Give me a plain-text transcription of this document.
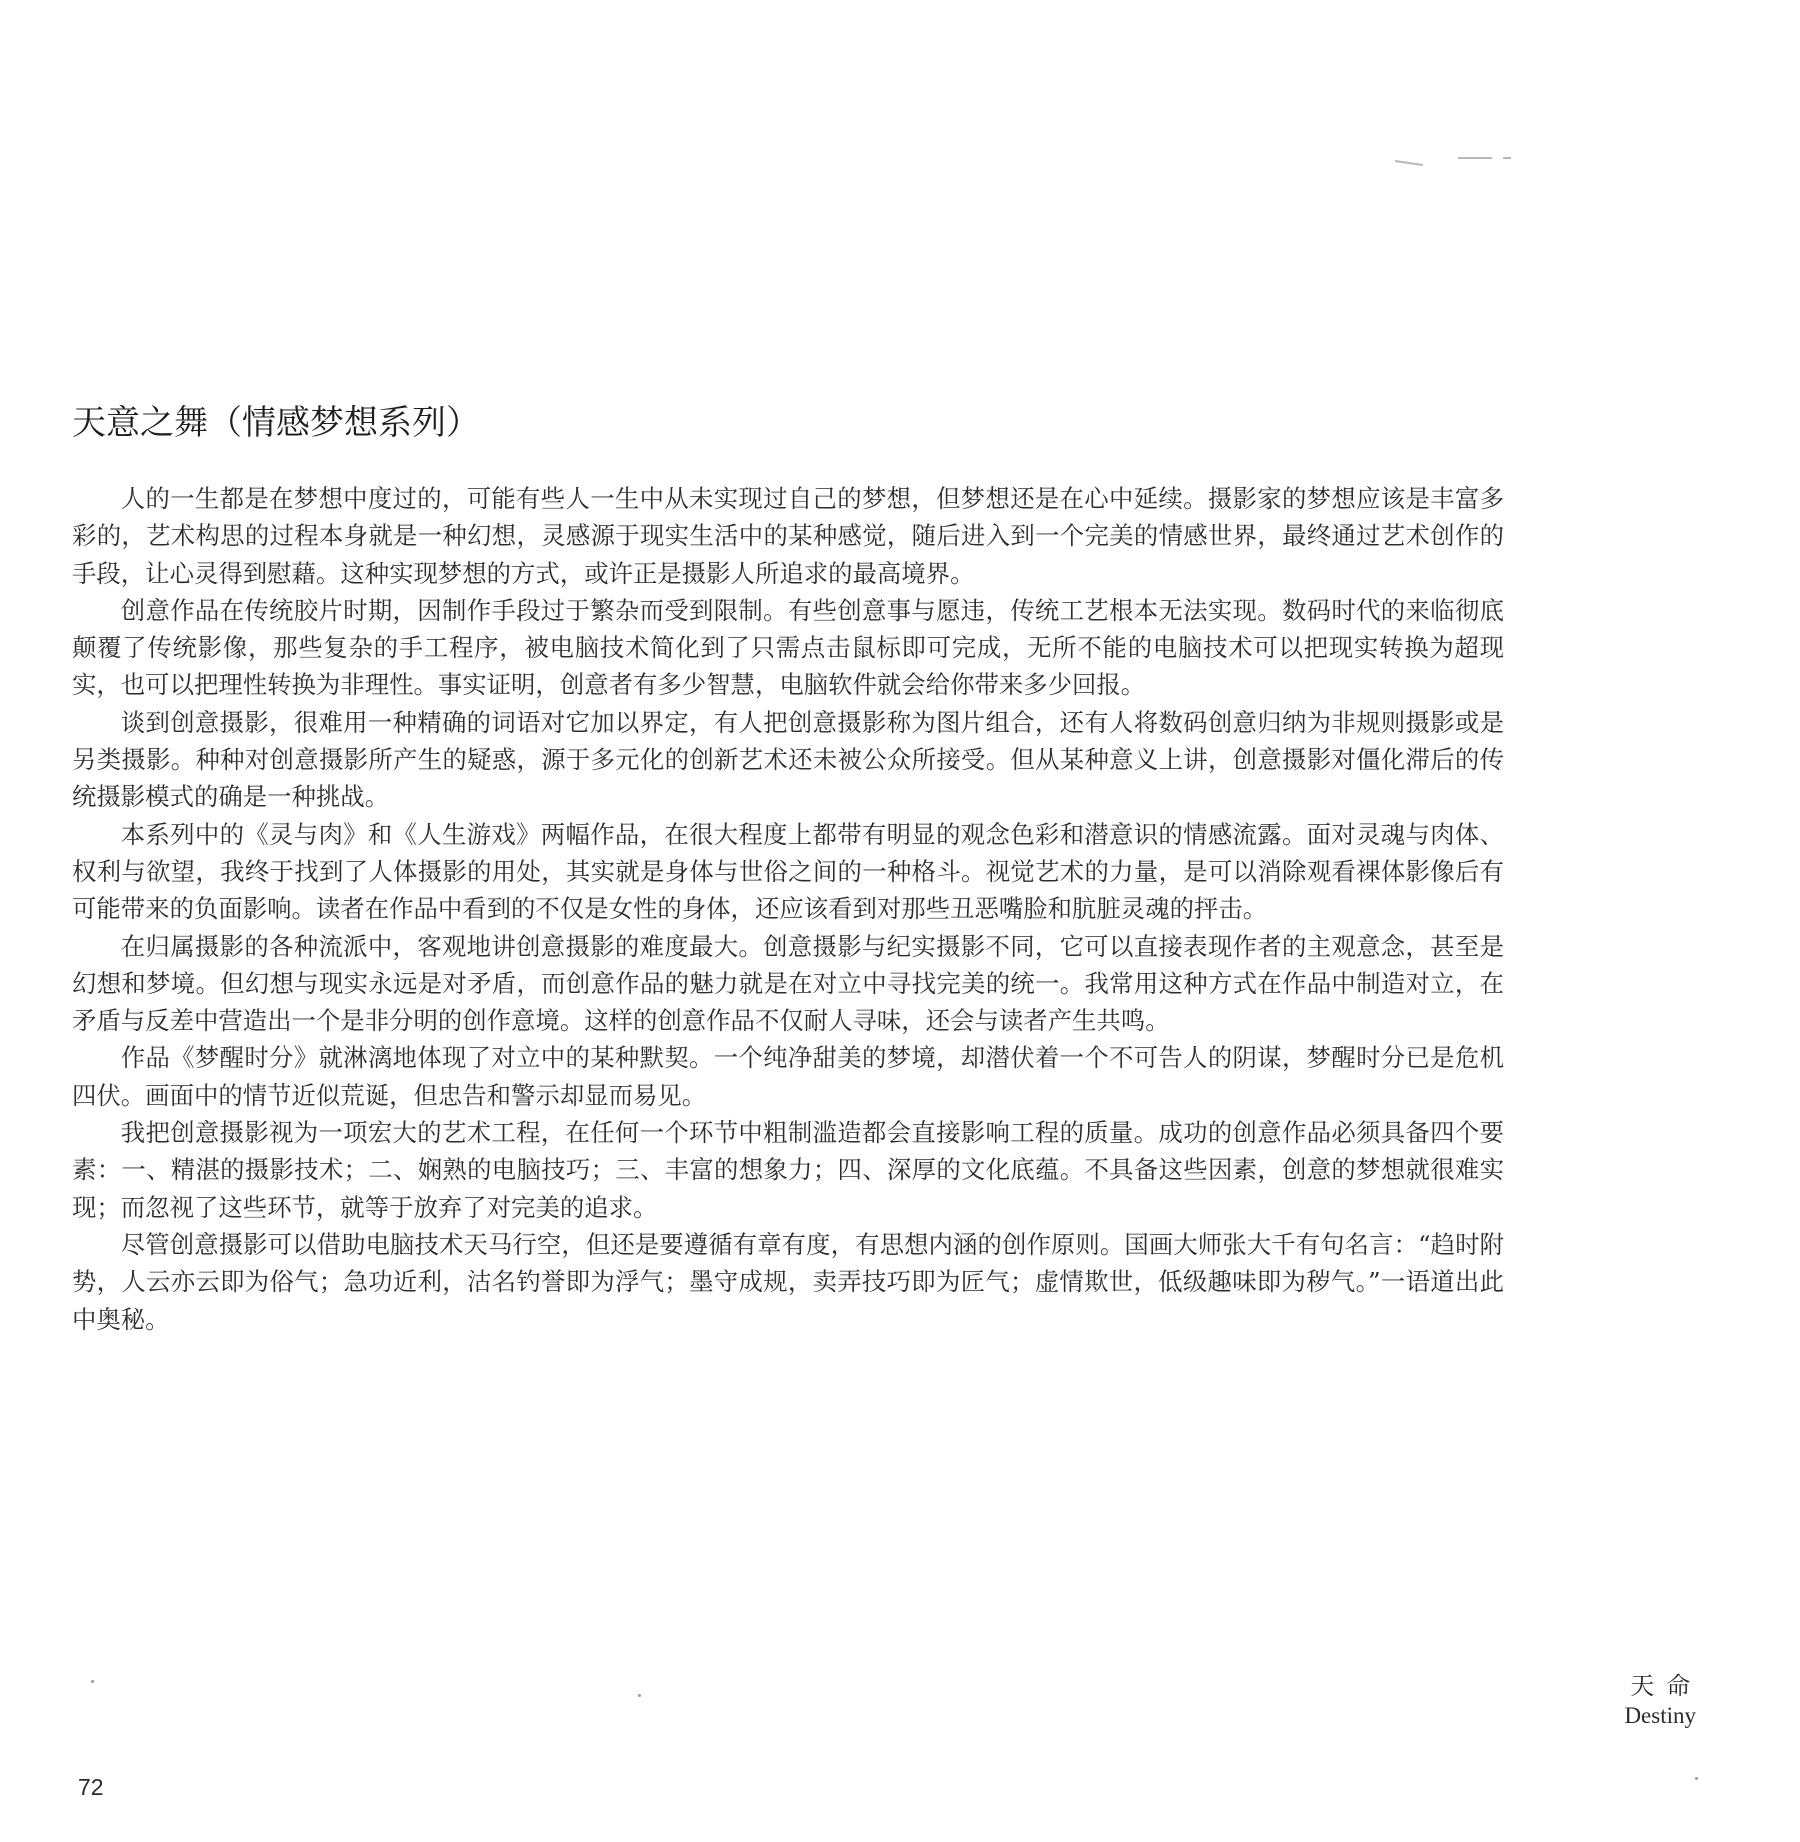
天意之舞（情感梦想系列）

人的一生都是在梦想中度过的，可能有些人一生中从未实现过自己的梦想，但梦想还是在心中延续。摄影家的梦想应该是丰富多彩的，艺术构思的过程本身就是一种幻想，灵感源于现实生活中的某种感觉，随后进入到一个完美的情感世界，最终通过艺术创作的手段，让心灵得到慰藉。这种实现梦想的方式，或许正是摄影人所追求的最高境界。

创意作品在传统胶片时期，因制作手段过于繁杂而受到限制。有些创意事与愿违，传统工艺根本无法实现。数码时代的来临彻底颠覆了传统影像，那些复杂的手工程序，被电脑技术简化到了只需点击鼠标即可完成，无所不能的电脑技术可以把现实转换为超现实，也可以把理性转换为非理性。事实证明，创意者有多少智慧，电脑软件就会给你带来多少回报。

谈到创意摄影，很难用一种精确的词语对它加以界定，有人把创意摄影称为图片组合，还有人将数码创意归纳为非规则摄影或是另类摄影。种种对创意摄影所产生的疑惑，源于多元化的创新艺术还未被公众所接受。但从某种意义上讲，创意摄影对僵化滞后的传统摄影模式的确是一种挑战。

本系列中的《灵与肉》和《人生游戏》两幅作品，在很大程度上都带有明显的观念色彩和潜意识的情感流露。面对灵魂与肉体、权利与欲望，我终于找到了人体摄影的用处，其实就是身体与世俗之间的一种格斗。视觉艺术的力量，是可以消除观看裸体影像后有可能带来的负面影响。读者在作品中看到的不仅是女性的身体，还应该看到对那些丑恶嘴脸和肮脏灵魂的抨击。

在归属摄影的各种流派中，客观地讲创意摄影的难度最大。创意摄影与纪实摄影不同，它可以直接表现作者的主观意念，甚至是幻想和梦境。但幻想与现实永远是对矛盾，而创意作品的魅力就是在对立中寻找完美的统一。我常用这种方式在作品中制造对立，在矛盾与反差中营造出一个是非分明的创作意境。这样的创意作品不仅耐人寻味，还会与读者产生共鸣。

作品《梦醒时分》就淋漓地体现了对立中的某种默契。一个纯净甜美的梦境，却潜伏着一个不可告人的阴谋，梦醒时分已是危机四伏。画面中的情节近似荒诞，但忠告和警示却显而易见。

我把创意摄影视为一项宏大的艺术工程，在任何一个环节中粗制滥造都会直接影响工程的质量。成功的创意作品必须具备四个要素：一、精湛的摄影技术；二、娴熟的电脑技巧；三、丰富的想象力；四、深厚的文化底蕴。不具备这些因素，创意的梦想就很难实现；而忽视了这些环节，就等于放弃了对完美的追求。

尽管创意摄影可以借助电脑技术天马行空，但还是要遵循有章有度，有思想内涵的创作原则。国画大师张大千有句名言：“趋时附势，人云亦云即为俗气；急功近利，沽名钓誉即为浮气；墨守成规，卖弄技巧即为匠气；虚情欺世，低级趣味即为秽气。”一语道出此中奥秘。

天命
Destiny
72
